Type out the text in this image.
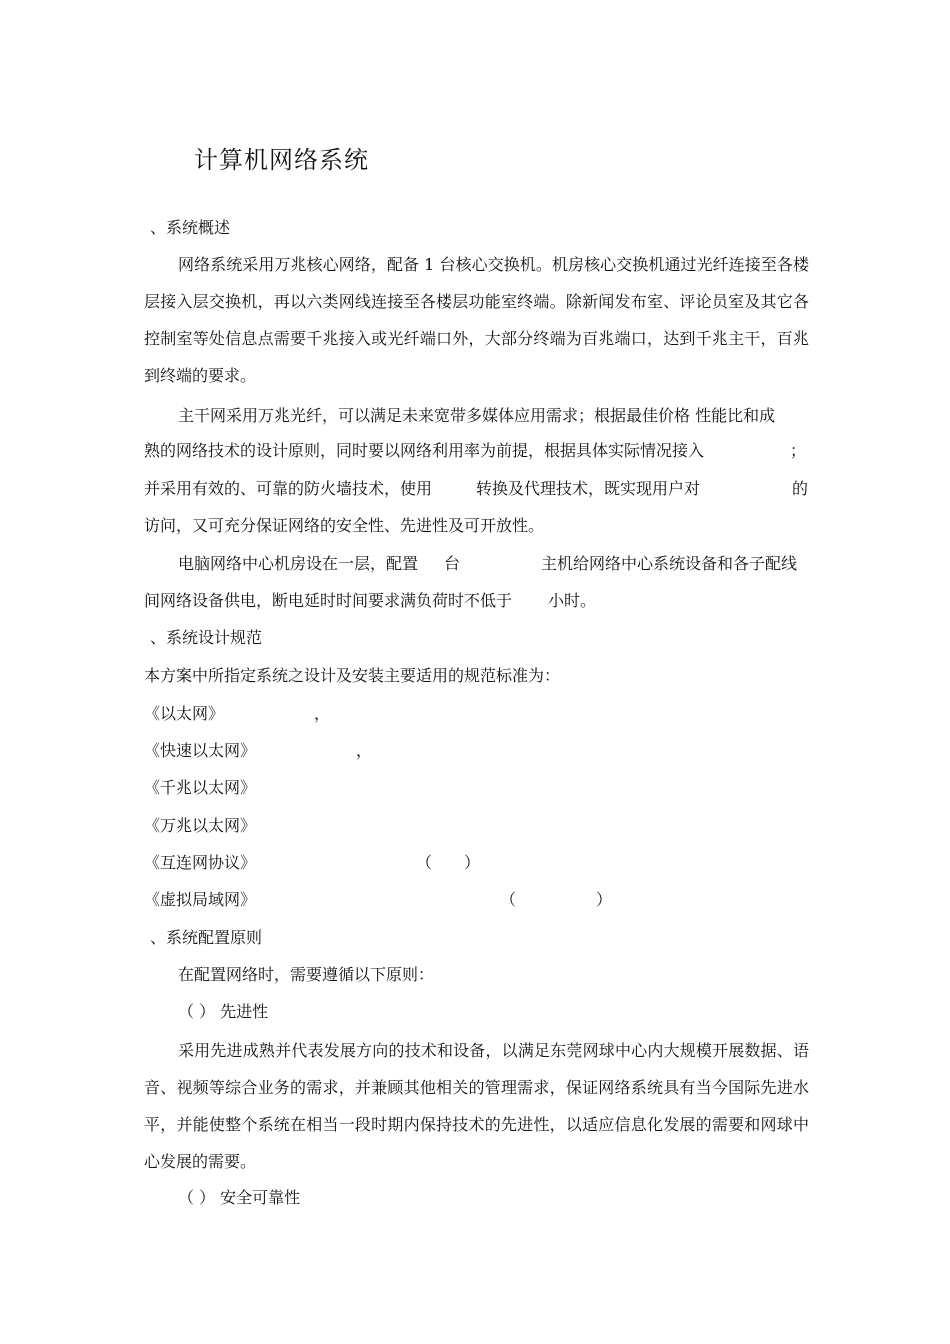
计算机网络系统
、系统概述
网络系统采用万兆核心网络，配备 1 台核心交换机。机房核心交换机通过光纤连接至各楼层接入层交换机，再以六类网线连接至各楼层功能室终端。除新闻发布室、评论员室及其它各控制室等处信息点需要千兆接入或光纤端口外，大部分终端为百兆端口，达到千兆主干，百兆到终端的要求。
主干网采用万兆光纤，可以满足未来宽带多媒体应用需求；根据最佳价格 性能比和成
熟的网络技术的设计原则，同时要以网络利用率为前提，根据具体实际情况接入	；
并采用有效的、可靠的防火墙技术，使用	转换及代理技术，既实现用户对	的
访问，又可充分保证网络的安全性、先进性及可开放性。
电脑网络中心机房设在一层，配置 台	主机给网络中心系统设备和各子配线
间网络设备供电，断电延时时间要求满负荷时不低于 小时。
、系统设计规范
本方案中所指定系统之设计及安装主要适用的规范标准为：
《以太网》	，
《快速以太网》	，
《千兆以太网》
《万兆以太网》
《互连网协议》	（　　）
《虚拟局域网》	（　　　　　）
、系统配置原则
在配置网络时，需要遵循以下原则：
（ ） 先进性
采用先进成熟并代表发展方向的技术和设备，以满足东莞网球中心内大规模开展数据、语音、视频等综合业务的需求，并兼顾其他相关的管理需求，保证网络系统具有当今国际先进水平，并能使整个系统在相当一段时期内保持技术的先进性，以适应信息化发展的需要和网球中心发展的需要。
（ ） 安全可靠性
